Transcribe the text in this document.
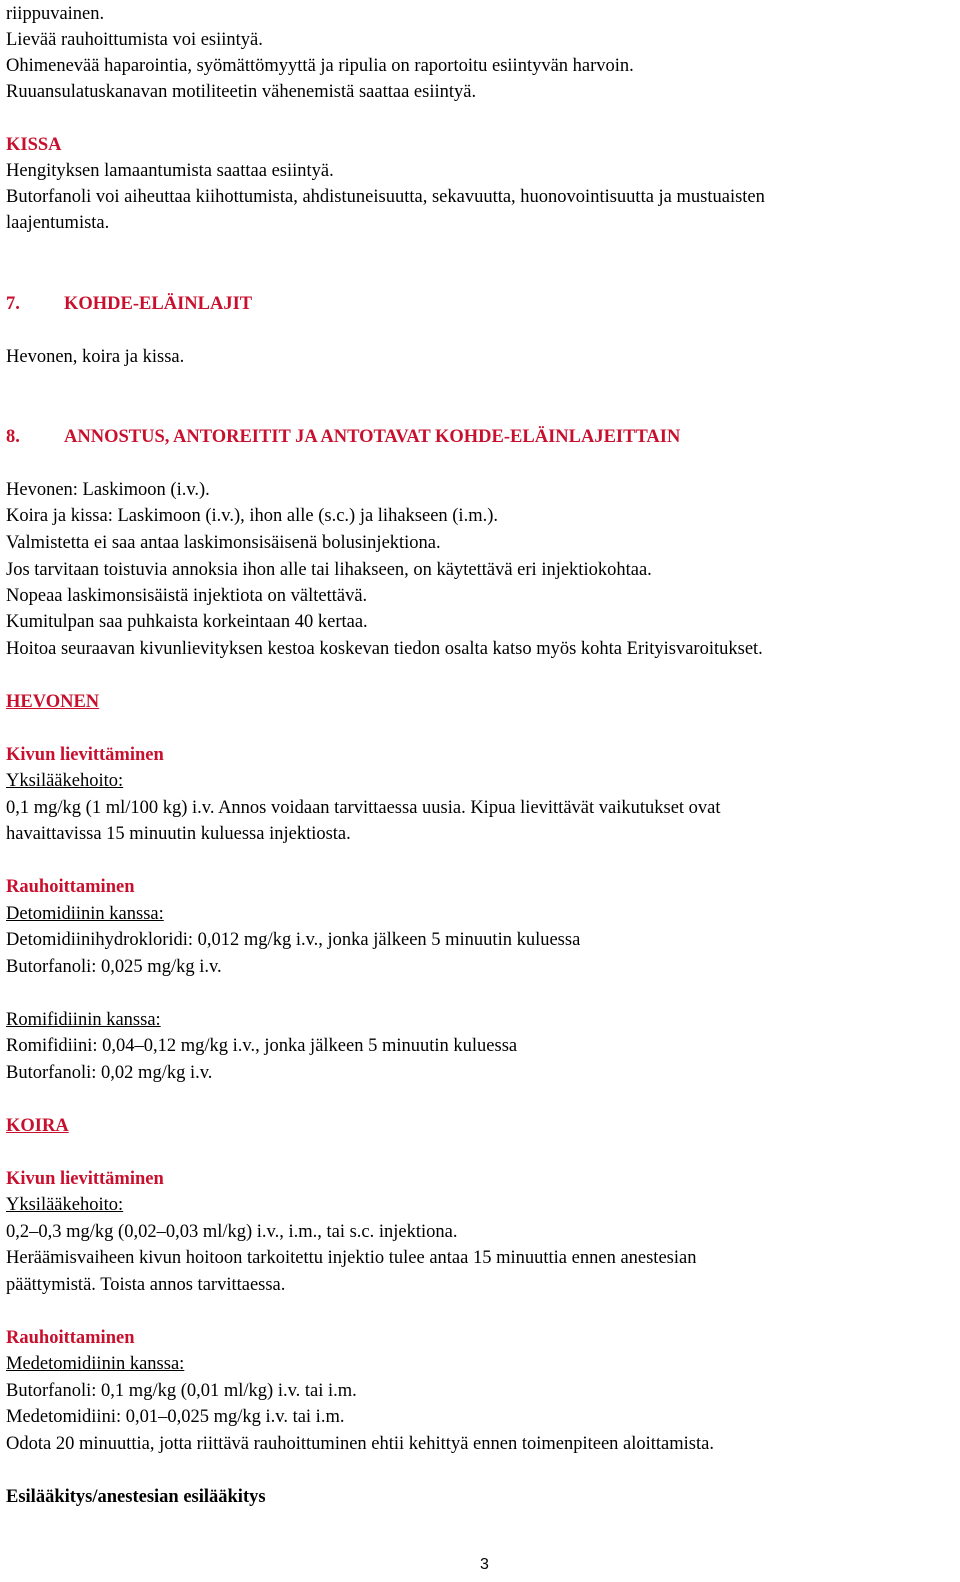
riippuvainen.
Lievää rauhoittumista voi esiintyä.
Ohimenevää haparointia, syömättömyyttä ja ripulia on raportoitu esiintyvän harvoin.
Ruuansulatuskanavan motiliteetin vähenemistä saattaa esiintyä.
KISSA
Hengityksen lamaantumista saattaa esiintyä.
Butorfanoli voi aiheuttaa kiihottumista, ahdistuneisuutta, sekavuutta, huonovointisuutta ja mustuaisten
laajentumista.
7. KOHDE-ELÄINLAJIT
Hevonen, koira ja kissa.
8. ANNOSTUS, ANTOREITIT JA ANTOTAVAT KOHDE-ELÄINLAJEITTAIN
Hevonen: Laskimoon (i.v.).
Koira ja kissa: Laskimoon (i.v.), ihon alle (s.c.) ja lihakseen (i.m.).
Valmistetta ei saa antaa laskimonsisäisenä bolusinjektiona.
Jos tarvitaan toistuvia annoksia ihon alle tai lihakseen, on käytettävä eri injektiokohtaa.
Nopeaa laskimonsisäistä injektiota on vältettävä.
Kumitulpan saa puhkaista korkeintaan 40 kertaa.
Hoitoa seuraavan kivunlievityksen kestoa koskevan tiedon osalta katso myös kohta Erityisvaroitukset.
HEVONEN
Kivun lievittäminen
Yksilääkehoito:
0,1 mg/kg (1 ml/100 kg) i.v. Annos voidaan tarvittaessa uusia. Kipua lievittävät vaikutukset ovat
havaittavissa 15 minuutin kuluessa injektiosta.
Rauhoittaminen
Detomidiinin kanssa:
Detomidiinihydrokloridi: 0,012 mg/kg i.v., jonka jälkeen 5 minuutin kuluessa
Butorfanoli: 0,025 mg/kg i.v.
Romifidiinin kanssa:
Romifidiini: 0,04–0,12 mg/kg i.v., jonka jälkeen 5 minuutin kuluessa
Butorfanoli: 0,02 mg/kg i.v.
KOIRA
Kivun lievittäminen
Yksilääkehoito:
0,2–0,3 mg/kg (0,02–0,03 ml/kg) i.v., i.m., tai s.c. injektiona.
Heräämisvaiheen kivun hoitoon tarkoitettu injektio tulee antaa 15 minuuttia ennen anestesian
päättymistä. Toista annos tarvittaessa.
Rauhoittaminen
Medetomidiinin kanssa:
Butorfanoli: 0,1 mg/kg (0,01 ml/kg) i.v. tai i.m.
Medetomidiini: 0,01–0,025 mg/kg i.v. tai i.m.
Odota 20 minuuttia, jotta riittävä rauhoittuminen ehtii kehittyä ennen toimenpiteen aloittamista.
Esilääkitys/anestesian esilääkitys
3
